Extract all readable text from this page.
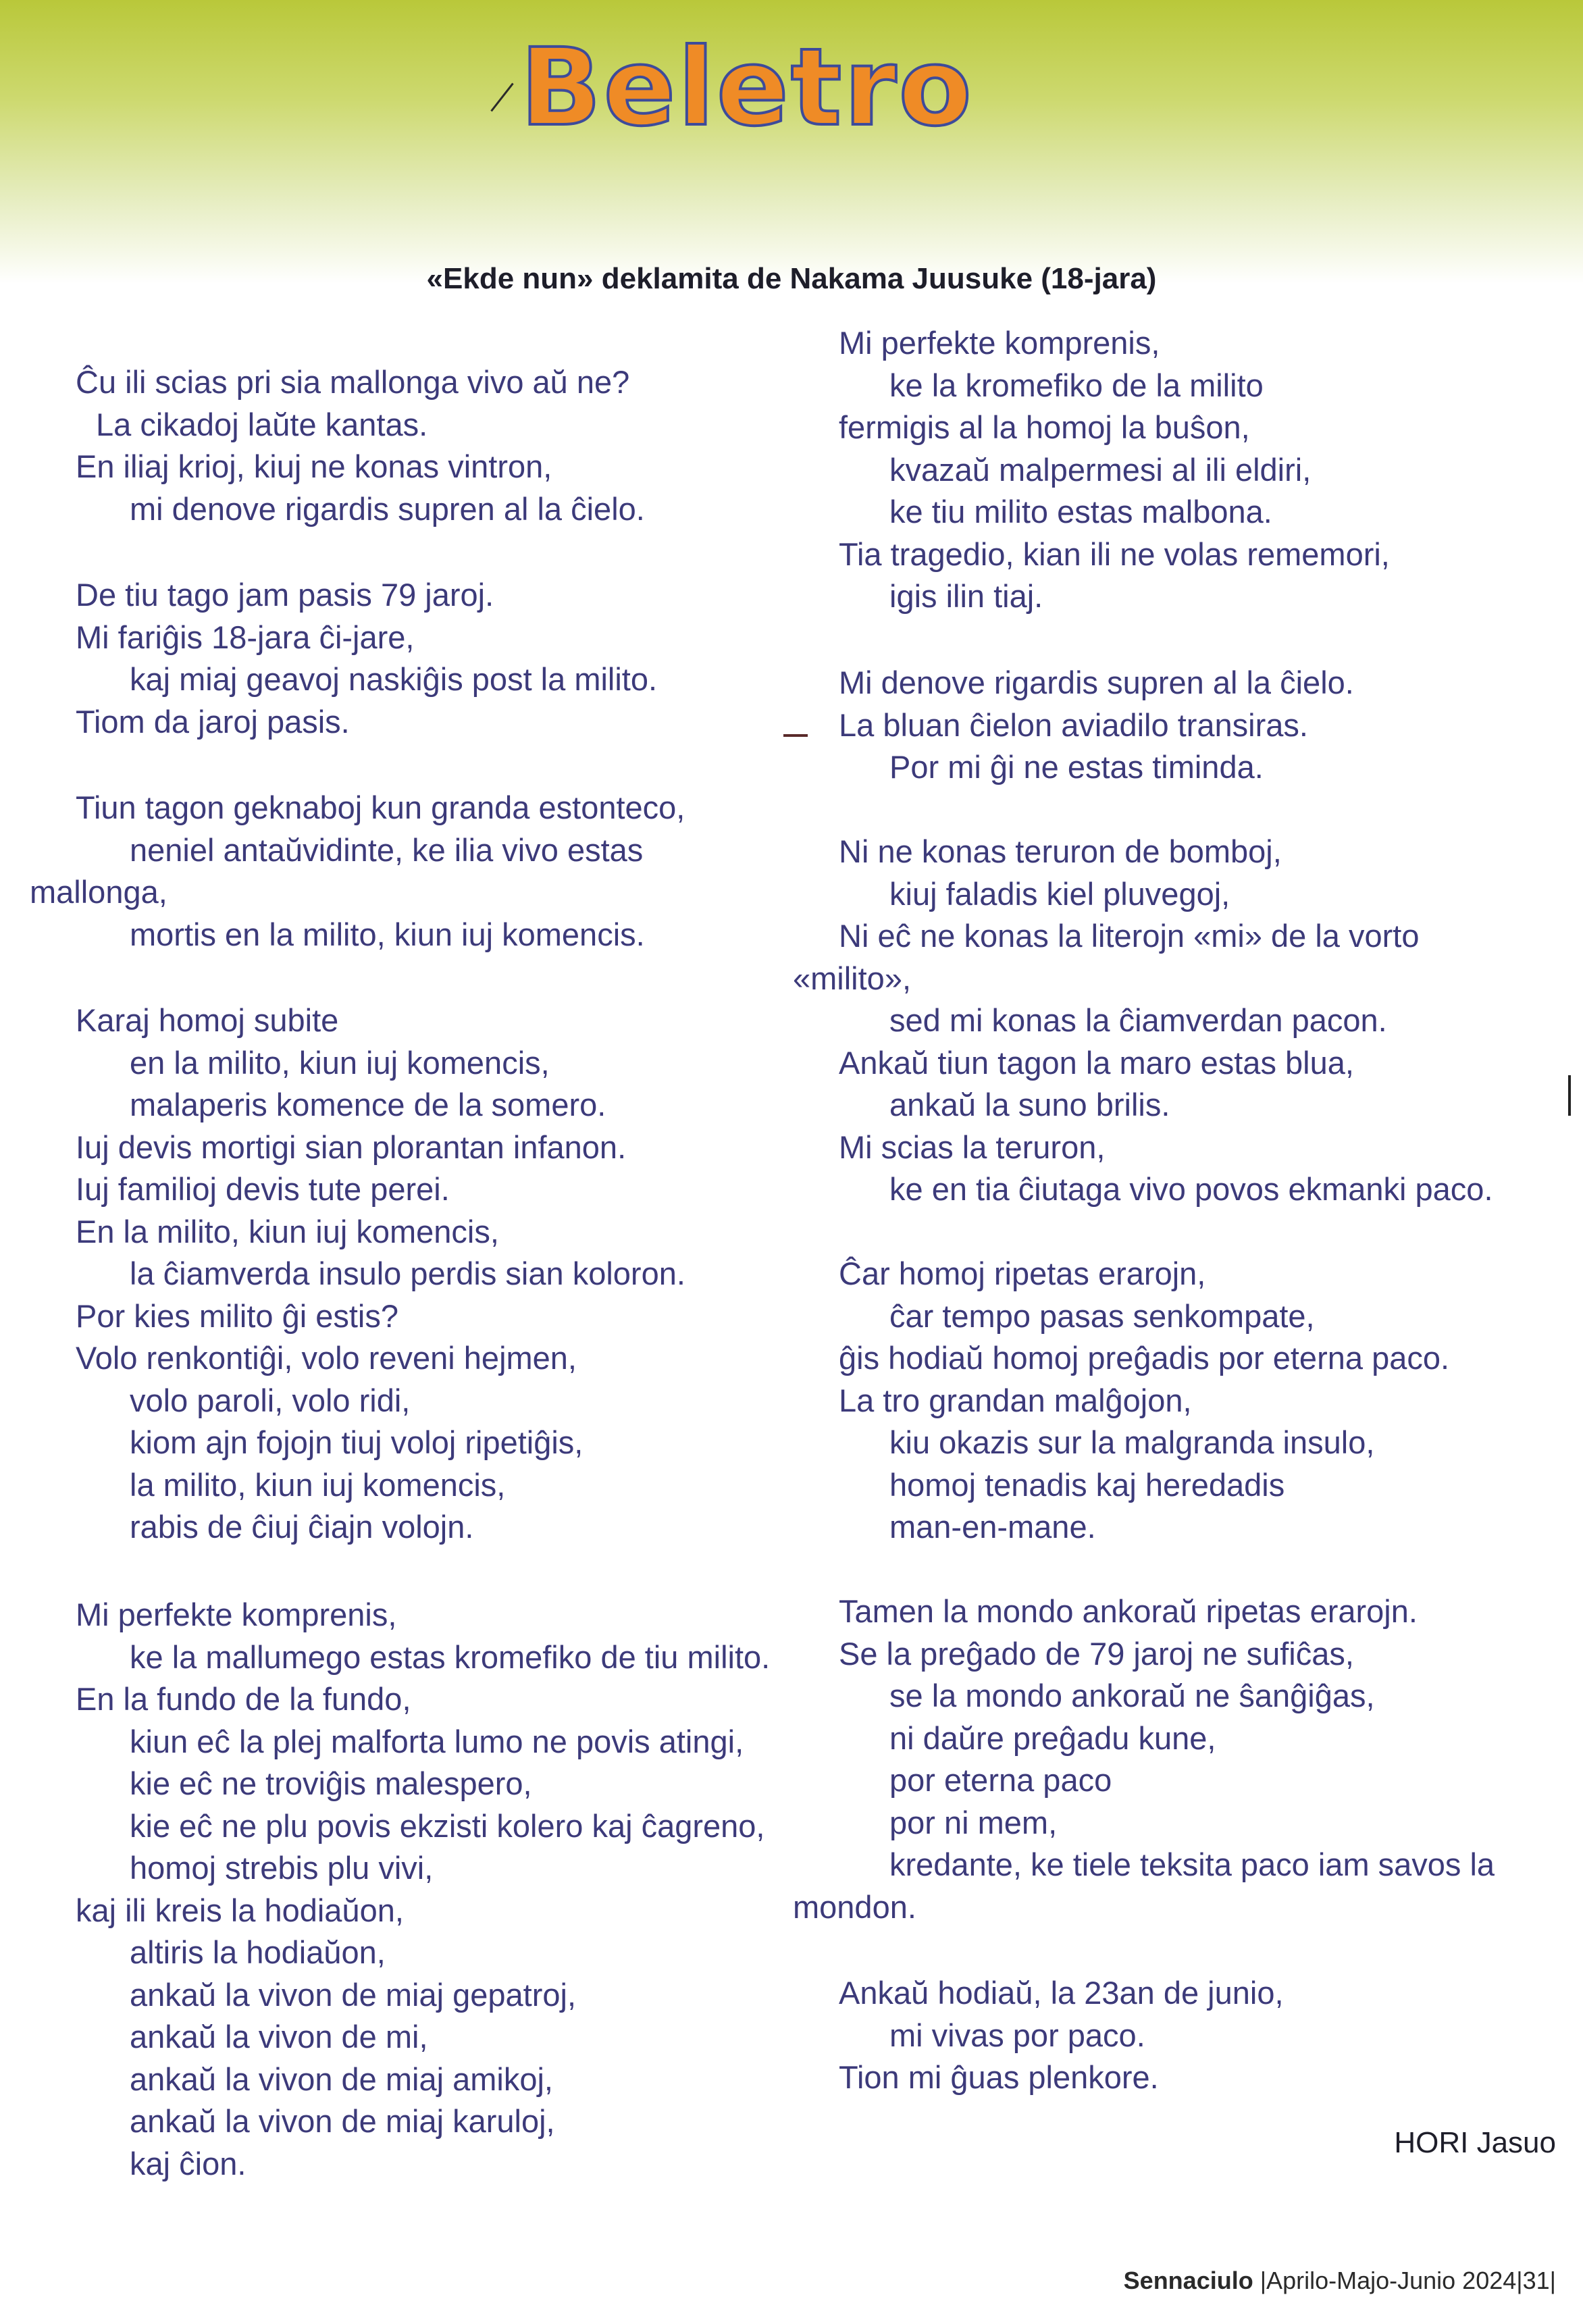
Beletro

«Ekde nun» deklamita de Nakama Juusuke (18-jara)

Ĉu ili scias pri sia mallonga vivo aŭ ne?
La cikadoj laŭte kantas.
En iliaj krioj, kiuj ne konas vintron,
mi denove rigardis supren al la ĉielo.
De tiu tago jam pasis 79 jaroj.
Mi fariĝis 18-jara ĉi-jare,
kaj miaj geavoj naskiĝis post la milito.
Tiom da jaroj pasis.
Tiun tagon geknaboj kun granda estonteco,
neniel antaŭvidinte, ke ilia vivo estas
mallonga,
mortis en la milito, kiun iuj komencis.
Karaj homoj subite
en la milito, kiun iuj komencis,
malaperis komence de la somero.
Iuj devis mortigi sian plorantan infanon.
Iuj familioj devis tute perei.
En la milito, kiun iuj komencis,
la ĉiamverda insulo perdis sian koloron.
Por kies milito ĝi estis?
Volo renkontiĝi, volo reveni hejmen,
volo paroli, volo ridi,
kiom ajn fojojn tiuj voloj ripetiĝis,
la milito, kiun iuj komencis,
rabis de ĉiuj ĉiajn volojn.
Mi perfekte komprenis,
ke la mallumego estas kromefiko de tiu milito.
En la fundo de la fundo,
kiun eĉ la plej malforta lumo ne povis atingi,
kie eĉ ne troviĝis malespero,
kie eĉ ne plu povis ekzisti kolero kaj ĉagreno,
homoj strebis plu vivi,
kaj ili kreis la hodiaŭon,
altiris la hodiaŭon,
ankaŭ la vivon de miaj gepatroj,
ankaŭ la vivon de mi,
ankaŭ la vivon de miaj amikoj,
ankaŭ la vivon de miaj karuloj,
kaj ĉion.
Mi perfekte komprenis,
ke la kromefiko de la milito
fermigis al la homoj la buŝon,
kvazaŭ malpermesi al ili eldiri,
ke tiu milito estas malbona.
Tia tragedio, kian ili ne volas rememori,
igis ilin tiaj.
Mi denove rigardis supren al la ĉielo.
La bluan ĉielon aviadilo transiras.
Por mi ĝi ne estas timinda.
Ni ne konas teruron de bomboj,
kiuj faladis kiel pluvegoj,
Ni eĉ ne konas la literojn «mi» de la vorto
«milito»,
sed mi konas la ĉiamverdan pacon.
Ankaŭ tiun tagon la maro estas blua,
ankaŭ la suno brilis.
Mi scias la teruron,
ke en tia ĉiutaga vivo povos ekmanki paco.
Ĉar homoj ripetas erarojn,
ĉar tempo pasas senkompate,
ĝis hodiaŭ homoj preĝadis por eterna paco.
La tro grandan malĝojon,
kiu okazis sur la malgranda insulo,
homoj tenadis kaj heredadis
man-en-mane.
Tamen la mondo ankoraŭ ripetas erarojn.
Se la preĝado de 79 jaroj ne sufiĉas,
se la mondo ankoraŭ ne ŝanĝiĝas,
ni daŭre preĝadu kune,
por eterna paco
por ni mem,
kredante, ke tiele teksita paco iam savos la
mondon.
Ankaŭ hodiaŭ, la 23an de junio,
mi vivas por paco.
Tion mi ĝuas plenkore.
HORI Jasuo
Sennaciulo |Aprilo-Majo-Junio 2024|31|
